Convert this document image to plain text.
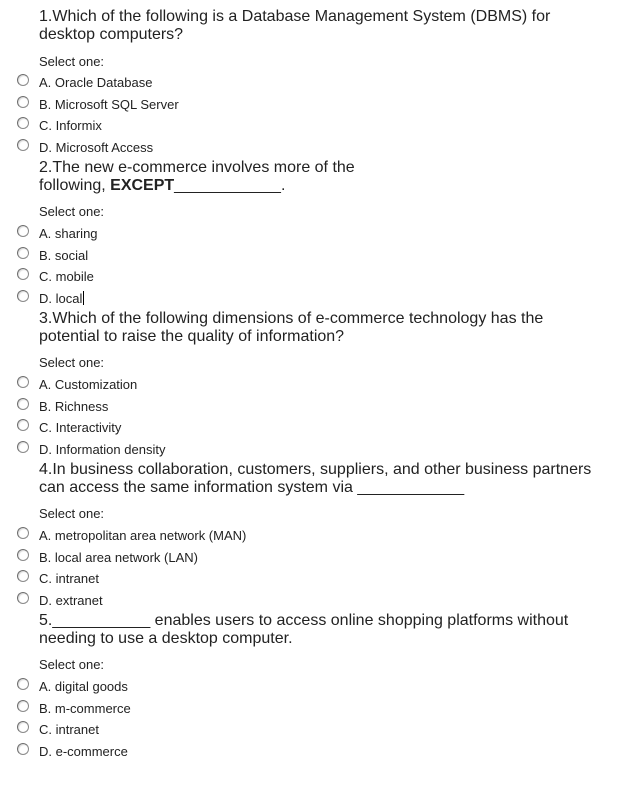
1.Which of the following is a Database Management System (DBMS) for desktop computers?
Select one:
A. Oracle Database
B. Microsoft SQL Server
C. Informix
D. Microsoft Access
2.The new e-commerce involves more of the
following, EXCEPT____________.
Select one:
A. sharing
B. social
C. mobile
D. local
3.Which of the following dimensions of e-commerce technology has the potential to raise the quality of information?
Select one:
A. Customization
B. Richness
C. Interactivity
D. Information density
4.In business collaboration, customers, suppliers, and other business partners can access the same information system via ____________
Select one:
A. metropolitan area network (MAN)
B. local area network (LAN)
C. intranet
D. extranet
5.___________ enables users to access online shopping platforms without needing to use a desktop computer.
Select one:
A. digital goods
B. m-commerce
C. intranet
D. e-commerce
